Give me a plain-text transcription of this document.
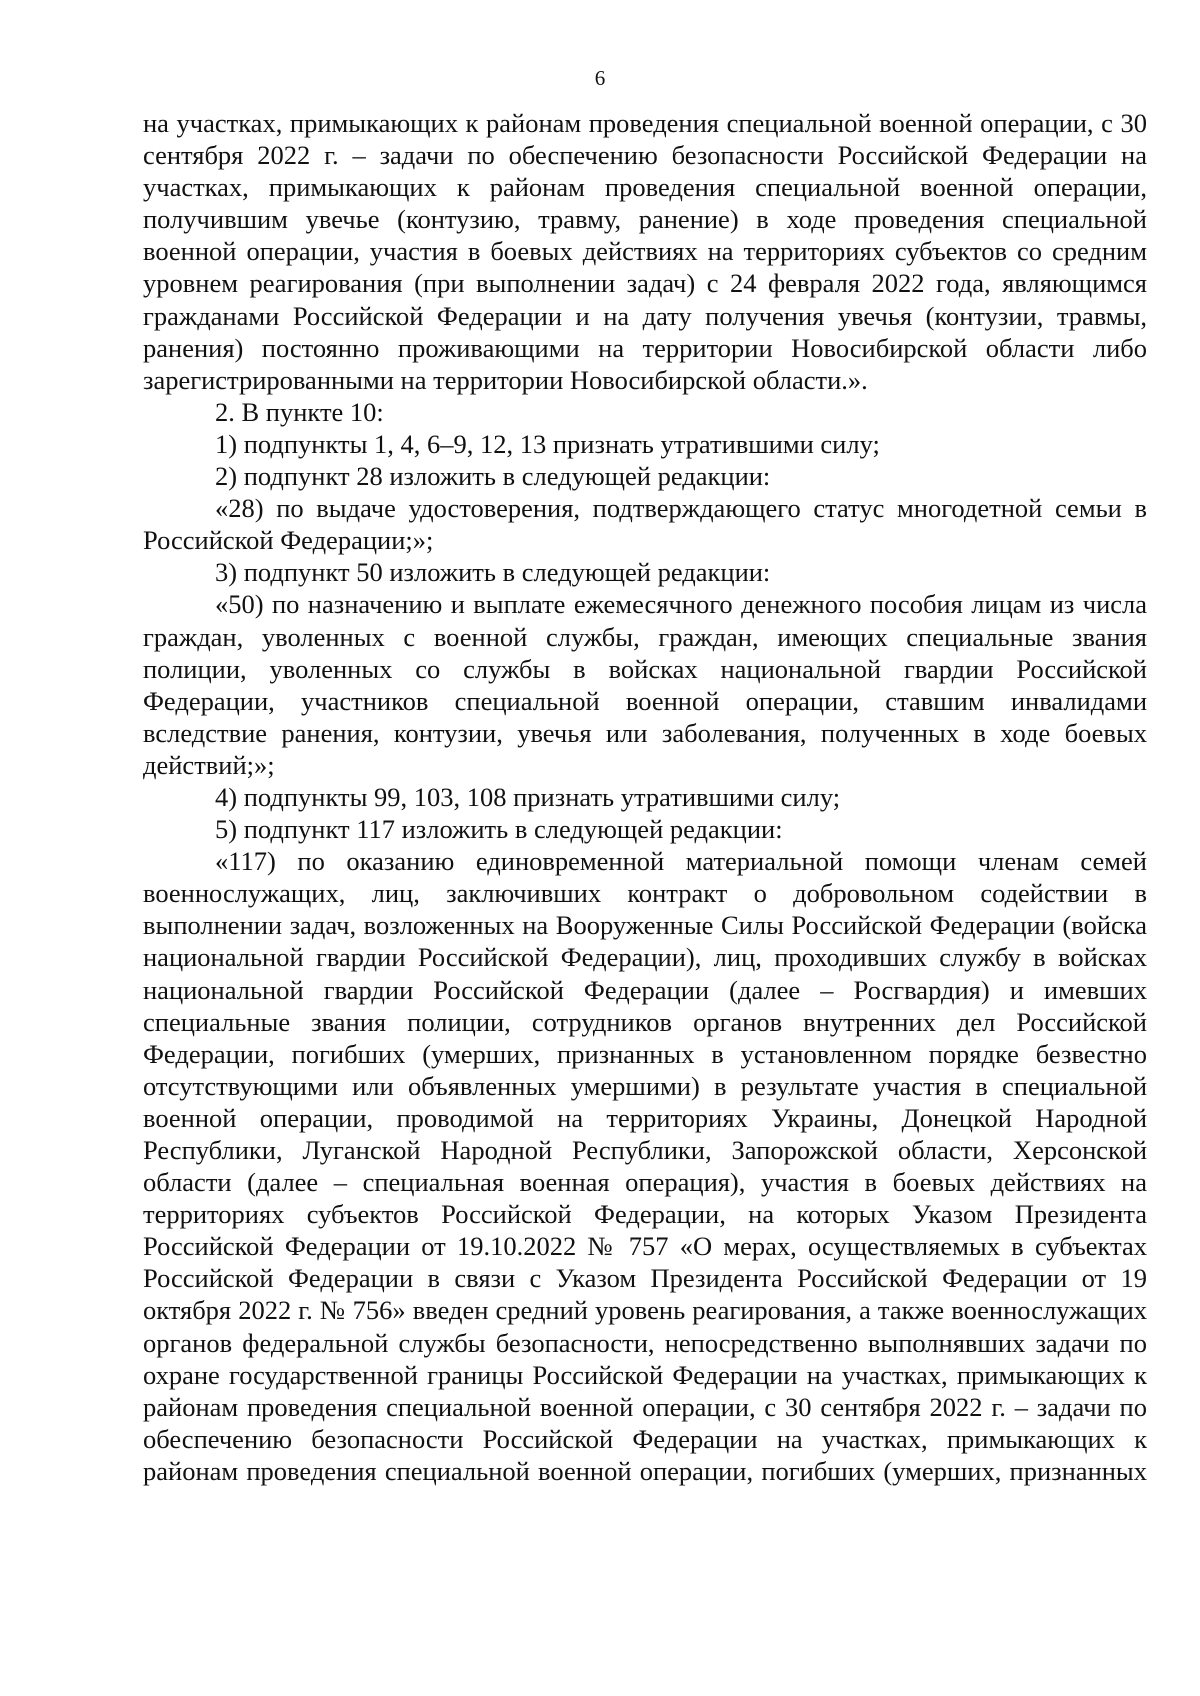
6

на участках, примыкающих к районам проведения специальной военной операции, с 30 сентября 2022 г. – задачи по обеспечению безопасности Российской Федерации на участках, примыкающих к районам проведения специальной военной операции, получившим увечье (контузию, травму, ранение) в ходе проведения специальной военной операции, участия в боевых действиях на территориях субъектов со средним уровнем реагирования (при выполнении задач) с 24 февраля 2022 года, являющимся гражданами Российской Федерации и на дату получения увечья (контузии, травмы, ранения) постоянно проживающими на территории Новосибирской области либо зарегистрированными на территории Новосибирской области.».

2. В пункте 10:

1) подпункты 1, 4, 6–9, 12, 13 признать утратившими силу;

2) подпункт 28 изложить в следующей редакции:

«28) по выдаче удостоверения, подтверждающего статус многодетной семьи в Российской Федерации;»;

3) подпункт 50 изложить в следующей редакции:

«50) по назначению и выплате ежемесячного денежного пособия лицам из числа граждан, уволенных с военной службы, граждан, имеющих специальные звания полиции, уволенных со службы в войсках национальной гвардии Российской Федерации, участников специальной военной операции, ставшим инвалидами вследствие ранения, контузии, увечья или заболевания, полученных в ходе боевых действий;»;

4) подпункты 99, 103, 108 признать утратившими силу;

5) подпункт 117 изложить в следующей редакции:

«117) по оказанию единовременной материальной помощи членам семей военнослужащих, лиц, заключивших контракт о добровольном содействии в выполнении задач, возложенных на Вооруженные Силы Российской Федерации (войска национальной гвардии Российской Федерации), лиц, проходивших службу в войсках национальной гвардии Российской Федерации (далее – Росгвардия) и имевших специальные звания полиции, сотрудников органов внутренних дел Российской Федерации, погибших (умерших, признанных в установленном порядке безвестно отсутствующими или объявленных умершими) в результате участия в специальной военной операции, проводимой на территориях Украины, Донецкой Народной Республики, Луганской Народной Республики, Запорожской области, Херсонской области (далее – специальная военная операция), участия в боевых действиях на территориях субъектов Российской Федерации, на которых Указом Президента Российской Федерации от 19.10.2022 № 757 «О мерах, осуществляемых в субъектах Российской Федерации в связи с Указом Президента Российской Федерации от 19 октября 2022 г. № 756» введен средний уровень реагирования, а также военнослужащих органов федеральной службы безопасности, непосредственно выполнявших задачи по охране государственной границы Российской Федерации на участках, примыкающих к районам проведения специальной военной операции, с 30 сентября 2022 г. – задачи по обеспечению безопасности Российской Федерации на участках, примыкающих к районам проведения специальной военной операции, погибших (умерших, признанных
